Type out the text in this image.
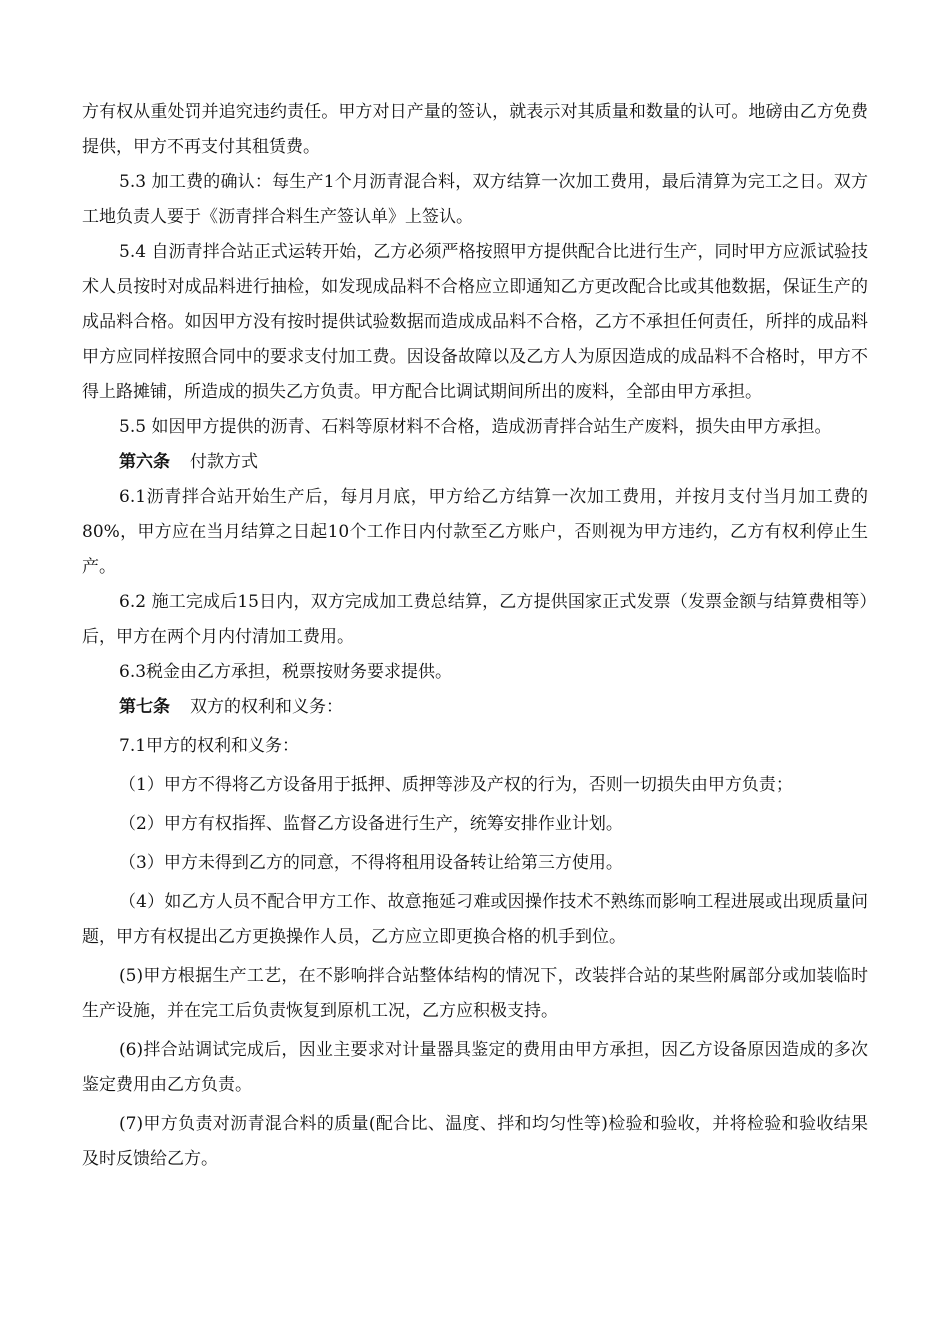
方有权从重处罚并追究违约责任。甲方对日产量的签认，就表示对其质量和数量的认可。地磅由乙方免费提供，甲方不再支付其租赁费。

5.3 加工费的确认：每生产1个月沥青混合料，双方结算一次加工费用，最后清算为完工之日。双方工地负责人要于《沥青拌合料生产签认单》上签认。

5.4 自沥青拌合站正式运转开始，乙方必须严格按照甲方提供配合比进行生产，同时甲方应派试验技术人员按时对成品料进行抽检，如发现成品料不合格应立即通知乙方更改配合比或其他数据，保证生产的成品料合格。如因甲方没有按时提供试验数据而造成成品料不合格，乙方不承担任何责任，所拌的成品料甲方应同样按照合同中的要求支付加工费。因设备故障以及乙方人为原因造成的成品料不合格时，甲方不得上路摊铺，所造成的损失乙方负责。甲方配合比调试期间所出的废料，全部由甲方承担。

5.5 如因甲方提供的沥青、石料等原材料不合格，造成沥青拌合站生产废料，损失由甲方承担。

第六条 付款方式

6.1沥青拌合站开始生产后，每月月底，甲方给乙方结算一次加工费用，并按月支付当月加工费的80%，甲方应在当月结算之日起10个工作日内付款至乙方账户，否则视为甲方违约，乙方有权利停止生产。

6.2 施工完成后15日内，双方完成加工费总结算，乙方提供国家正式发票（发票金额与结算费相等）后，甲方在两个月内付清加工费用。

6.3税金由乙方承担，税票按财务要求提供。

第七条 双方的权利和义务：

7.1甲方的权利和义务：

（1）甲方不得将乙方设备用于抵押、质押等涉及产权的行为，否则一切损失由甲方负责；

（2）甲方有权指挥、监督乙方设备进行生产，统筹安排作业计划。

（3）甲方未得到乙方的同意，不得将租用设备转让给第三方使用。

（4）如乙方人员不配合甲方工作、故意拖延刁难或因操作技术不熟练而影响工程进展或出现质量问题，甲方有权提出乙方更换操作人员，乙方应立即更换合格的机手到位。

(5)甲方根据生产工艺，在不影响拌合站整体结构的情况下，改装拌合站的某些附属部分或加装临时生产设施，并在完工后负责恢复到原机工况，乙方应积极支持。

(6)拌合站调试完成后，因业主要求对计量器具鉴定的费用由甲方承担，因乙方设备原因造成的多次鉴定费用由乙方负责。

(7)甲方负责对沥青混合料的质量(配合比、温度、拌和均匀性等)检验和验收，并将检验和验收结果及时反馈给乙方。
